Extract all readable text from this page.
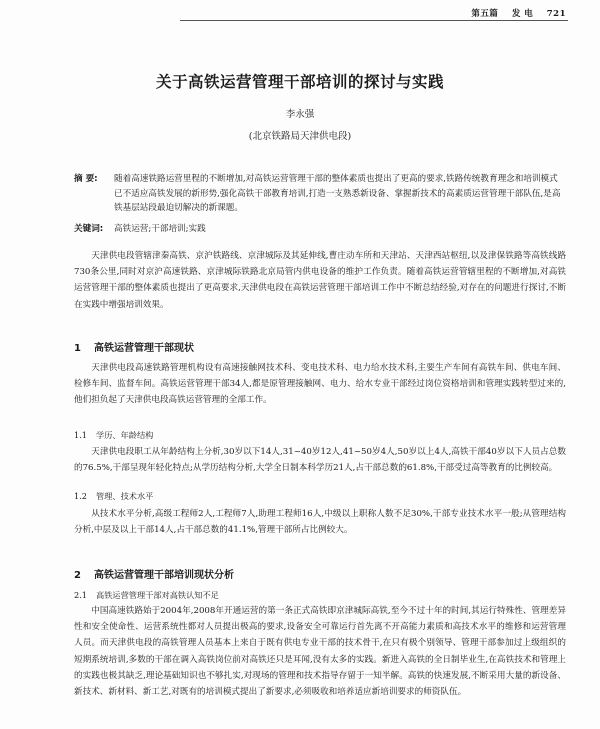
第五篇 发 电 721
关于高铁运营管理干部培训的探讨与实践
李永强
(北京铁路局天津供电段)
摘 要: 随着高速铁路运营里程的不断增加,对高铁运营管理干部的整体素质也提出了更高的要求,铁路传统教育理念和培训模式已不适应高铁发展的新形势,强化高铁干部教育培训,打造一支熟悉新设备、掌握新技术的高素质运营管理干部队伍,是高铁基层站段最迫切解决的新课题。
关键词: 高铁运营;干部培训;实践
天津供电段管辖津秦高铁、京沪铁路线、京津城际及其延伸线,曹庄动车所和天津站、天津西站枢纽,以及津保铁路等高铁线路730条公里,同时对京沪高速铁路、京津城际铁路北京局管内供电设备的维护工作负责。随着高铁运营管辖里程的不断增加,对高铁运营管理干部的整体素质也提出了更高要求,天津供电段在高铁运营管理干部培训工作中不断总结经验,对存在的问题进行探讨,不断在实践中增强培训效果。
1 高铁运营管理干部现状
天津供电段高速铁路管理机构设有高速接触网技术科、变电技术科、电力给水技术科,主要生产车间有高铁车间、供电车间、检修车间、监督车间。高铁运营管理干部34人,都是原管理接触网、电力、给水专业干部经过岗位资格培训和管理实践转型过来的,他们担负起了天津供电段高铁运营管理的全部工作。
1.1 学历、年龄结构
天津供电段职工从年龄结构上分析,30岁以下14人,31~40岁12人,41~50岁4人,50岁以上4人,高铁干部40岁以下人员占总数的76.5%,干部呈现年轻化特点;从学历结构分析,大学全日制本科学历21人,占干部总数的61.8%,干部受过高等教育的比例较高。
1.2 管理、技术水平
从技术水平分析,高级工程师2人,工程师7人,助理工程师16人,中级以上职称人数不足30%,干部专业技术水平一般;从管理结构分析,中层及以上干部14人,占干部总数的41.1%,管理干部所占比例较大。
2 高铁运营管理干部培训现状分析
2.1 高铁运营管理干部对高铁认知不足
中国高速铁路始于2004年,2008年开通运营的第一条正式高铁即京津城际高铁,至今不过十年的时间,其运行特殊性、管理差异性和安全使命性、运营系统性都对人员提出极高的要求,设备安全可靠运行首先离不开高能力素质和高技术水平的维修和运营管理人员。而天津供电段的高铁管理人员基本上来自于既有供电专业干部的技术骨干,在只有极个别领导、管理干部参加过上级组织的短期系统培训,多数的干部在调入高铁岗位前对高铁还只是耳闻,没有太多的实践。新进入高铁的全日制毕业生,在高铁技术和管理上的实践也极其缺乏,理论基础知识也不够扎实,对现场的管理和技术指导存留于一知半解。高铁的快速发展,不断采用大量的新设备、新技术、新材料、新工艺,对既有的培训模式提出了新要求,必须吸收和培养适应新培训要求的师资队伍。
